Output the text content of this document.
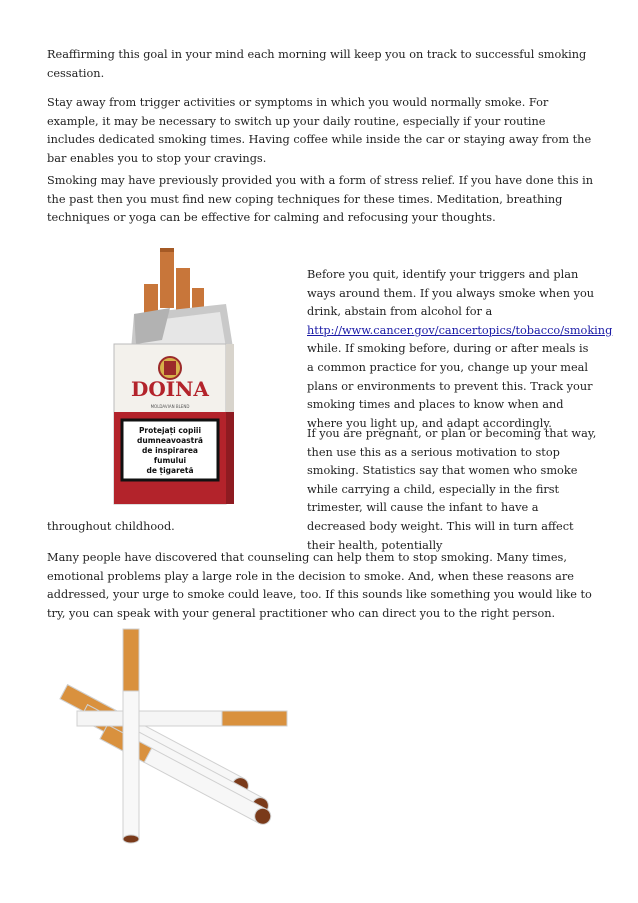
Reaffirming this goal in your mind each morning will keep you on track to successful smoking cessation.

Stay away from trigger activities or symptoms in which you would normally smoke. For example, it may be necessary to switch up your daily routine, especially if your routine includes dedicated smoking times. Having coffee while inside the car or staying away from the bar enables you to stop your cravings.

Smoking may have previously provided you with a form of stress relief. If you have done this in the past then you must find new coping techniques for these times. Meditation, breathing techniques or yoga can be effective for calming and refocusing your thoughts.

DOINA
MOLDAVIAN BLEND
Protejați copiii
dumneavoastră
de inspirarea
fumului
de țigaretă
Before you quit, identify your triggers and plan ways around them. If you always smoke when you drink, abstain from alcohol for a http://www.cancer.gov/cancertopics/tobacco/smoking while. If smoking before, during or after meals is a common practice for you, change up your meal plans or environments to prevent this. Track your smoking times and places to know when and where you light up, and adapt accordingly.

If you are pregnant, or plan or becoming that way, then use this as a serious motivation to stop smoking. Statistics say that women who smoke while carrying a child, especially in the first trimester, will cause the infant to have a decreased body weight. This will in turn affect their health, potentially

throughout childhood.

Many people have discovered that counseling can help them to stop smoking. Many times, emotional problems play a large role in the decision to smoke. And, when these reasons are addressed, your urge to smoke could leave, too. If this sounds like something you would like to try, you can speak with your general practitioner who can direct you to the right person.
